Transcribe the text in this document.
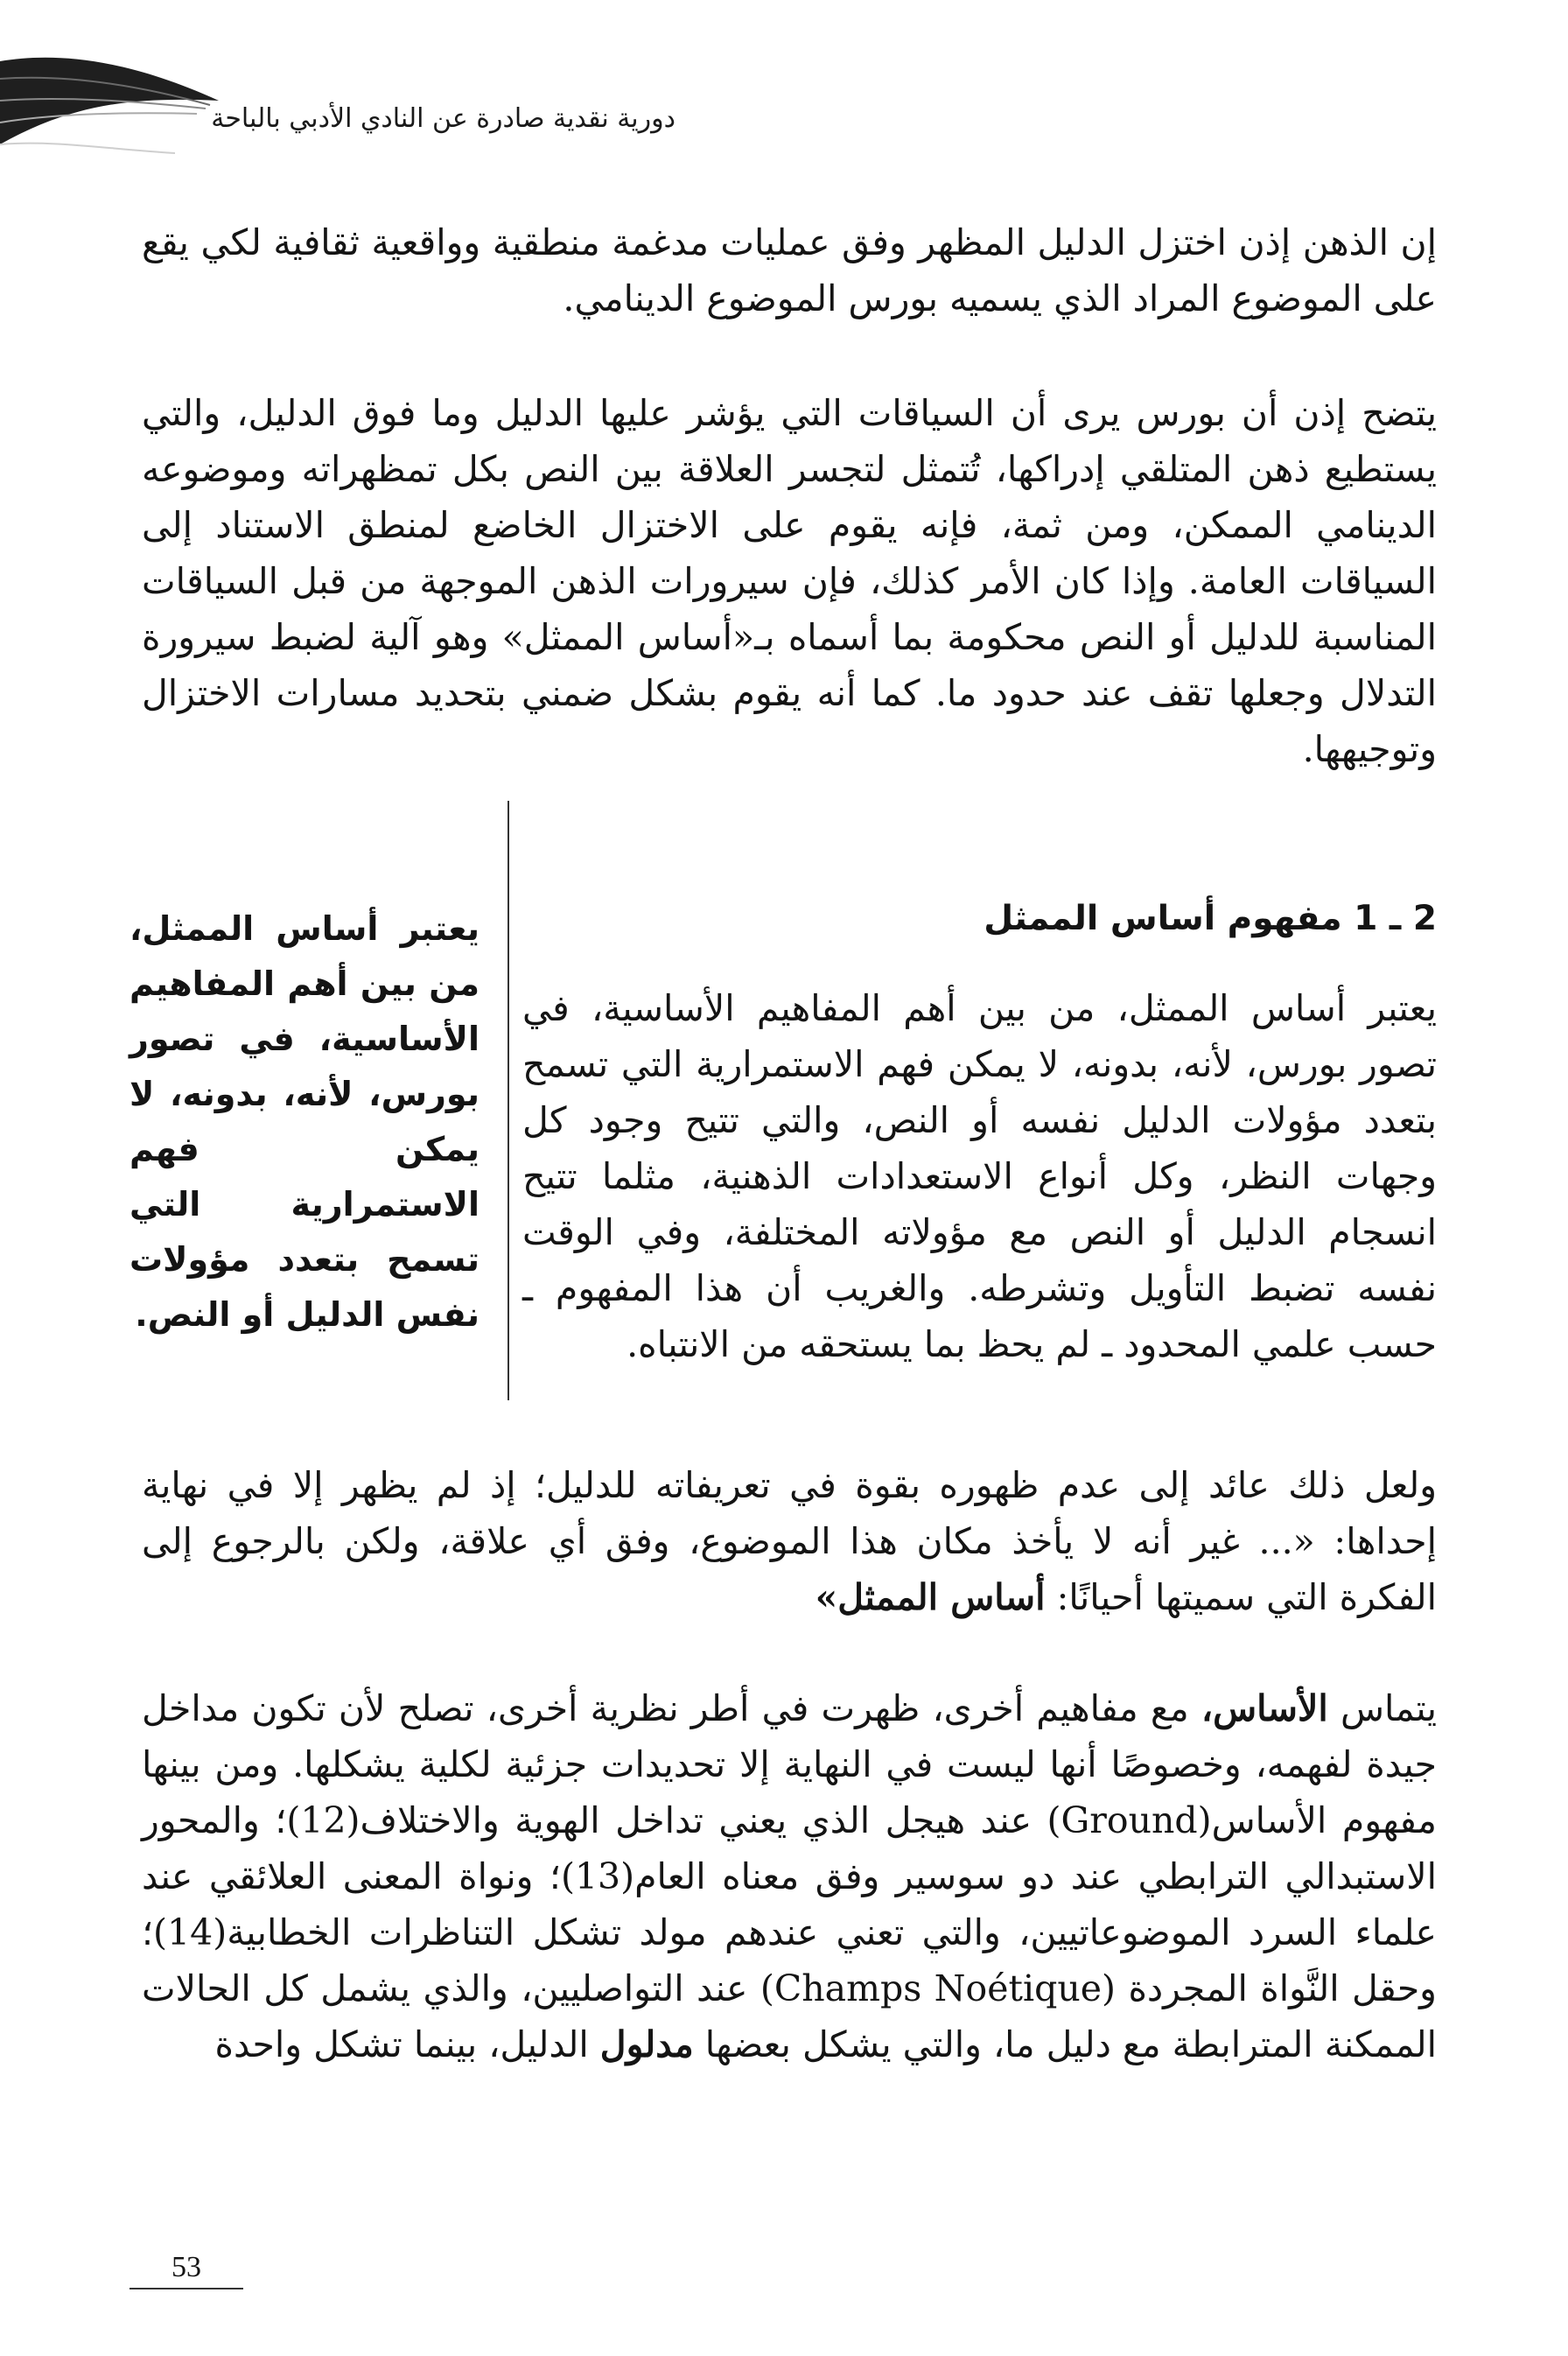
دورية نقدية صادرة عن النادي الأدبي بالباحة

إن الذهن إذن اختزل الدليل المظهر وفق عمليات مدغمة منطقية وواقعية ثقافية لكي يقع على الموضوع المراد الذي يسميه بورس الموضوع الدينامي.

يتضح إذن أن بورس يرى أن السياقات التي يؤشر عليها الدليل وما فوق الدليل، والتي يستطيع ذهن المتلقي إدراكها، تُتمثل لتجسر العلاقة بين النص بكل تمظهراته وموضوعه الدينامي الممكن، ومن ثمة، فإنه يقوم على الاختزال الخاضع لمنطق الاستناد إلى السياقات العامة. وإذا كان الأمر كذلك، فإن سيرورات الذهن الموجهة من قبل السياقات المناسبة للدليل أو النص محكومة بما أسماه بـ«أساس الممثل» وهو آلية لضبط سيرورة التدلال وجعلها تقف عند حدود ما. كما أنه يقوم بشكل ضمني بتحديد مسارات الاختزال وتوجيهها.

2 ـ 1 مفهوم أساس الممثل
يعتبر أساس الممثل، من بين أهم المفاهيم الأساسية، في تصور بورس، لأنه، بدونه، لا يمكن فهم الاستمرارية التي تسمح بتعدد مؤولات نفس الدليل أو النص.

يعتبر أساس الممثل، من بين أهم المفاهيم الأساسية، في تصور بورس، لأنه، بدونه، لا يمكن فهم الاستمرارية التي تسمح بتعدد مؤولات الدليل نفسه أو النص، والتي تتيح وجود كل وجهات النظر، وكل أنواع الاستعدادات الذهنية، مثلما تتيح انسجام الدليل أو النص مع مؤولاته المختلفة، وفي الوقت نفسه تضبط التأويل وتشرطه. والغريب أن هذا المفهوم ـ حسب علمي المحدود ـ لم يحظ بما يستحقه من الانتباه.

ولعل ذلك عائد إلى عدم ظهوره بقوة في تعريفاته للدليل؛ إذ لم يظهر إلا في نهاية إحداها: «... غير أنه لا يأخذ مكان هذا الموضوع، وفق أي علاقة، ولكن بالرجوع إلى الفكرة التي سميتها أحيانًا: أساس الممثل»

يتماس الأساس، مع مفاهيم أخرى، ظهرت في أطر نظرية أخرى، تصلح لأن تكون مداخل جيدة لفهمه، وخصوصًا أنها ليست في النهاية إلا تحديدات جزئية لكلية يشكلها. ومن بينها مفهوم الأساس(Ground) عند هيجل الذي يعني تداخل الهوية والاختلاف(12)؛ والمحور الاستبدالي الترابطي عند دو سوسير وفق معناه العام(13)؛ ونواة المعنى العلائقي عند علماء السرد الموضوعاتيين، والتي تعني عندهم مولد تشكل التناظرات الخطابية(14)؛ وحقل النَّواة المجردة (Champs Noétique) عند التواصليين، والذي يشمل كل الحالات الممكنة المترابطة مع دليل ما، والتي يشكل بعضها مدلول الدليل، بينما تشكل واحدة

53
